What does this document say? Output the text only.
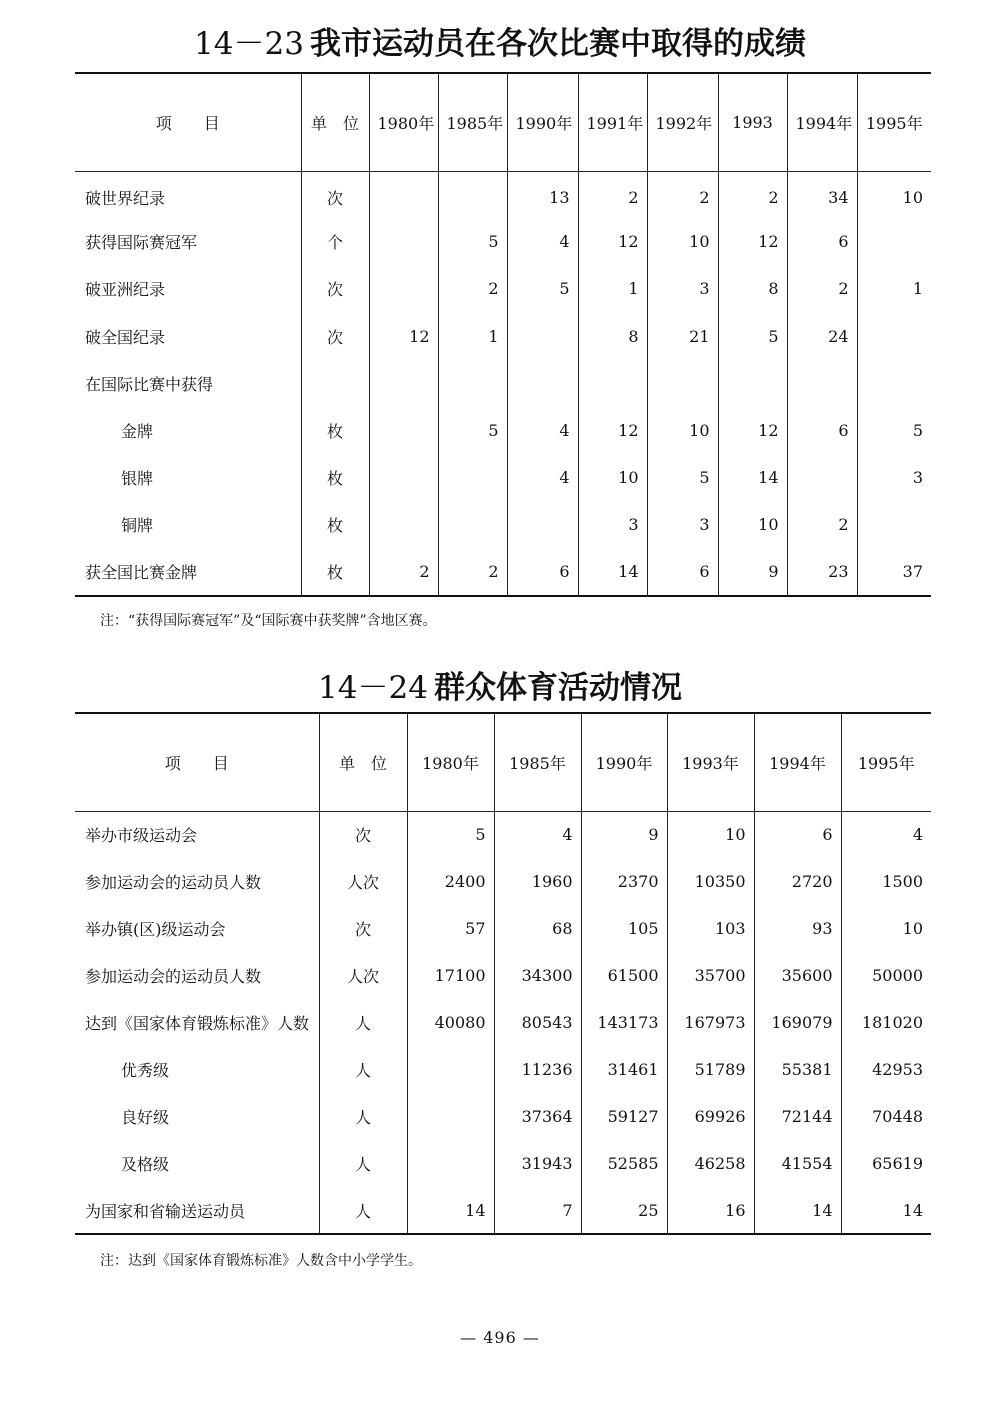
14－23 我市运动员在各次比赛中取得的成绩
项　　目	单　位	1980年	1985年	1990年	1991年	1992年	1993	1994年	1995年
破世界纪录	次			13	2	2	2	34	10
获得国际赛冠军	个		5	4	12	10	12	6	
破亚洲纪录	次		2	5	1	3	8	2	1
破全国纪录	次	12	1		8	21	5	24	
在国际比赛中获得									
金牌	枚		5	4	12	10	12	6	5
银牌	枚			4	10	5	14		3
铜牌	枚				3	3	10	2	
获全国比赛金牌	枚	2	2	6	14	6	9	23	37
注：“获得国际赛冠军”及“国际赛中获奖牌”含地区赛。
14－24 群众体育活动情况
项　　目	单　位	1980年	1985年	1990年	1993年	1994年	1995年
举办市级运动会	次	5	4	9	10	6	4
参加运动会的运动员人数	人次	2400	1960	2370	10350	2720	1500
举办镇(区)级运动会	次	57	68	105	103	93	10
参加运动会的运动员人数	人次	17100	34300	61500	35700	35600	50000
达到《国家体育锻炼标准》人数	人	40080	80543	143173	167973	169079	181020
优秀级	人		11236	31461	51789	55381	42953
良好级	人		37364	59127	69926	72144	70448
及格级	人		31943	52585	46258	41554	65619
为国家和省输送运动员	人	14	7	25	16	14	14
注：达到《国家体育锻炼标准》人数含中小学学生。
— 496 —
